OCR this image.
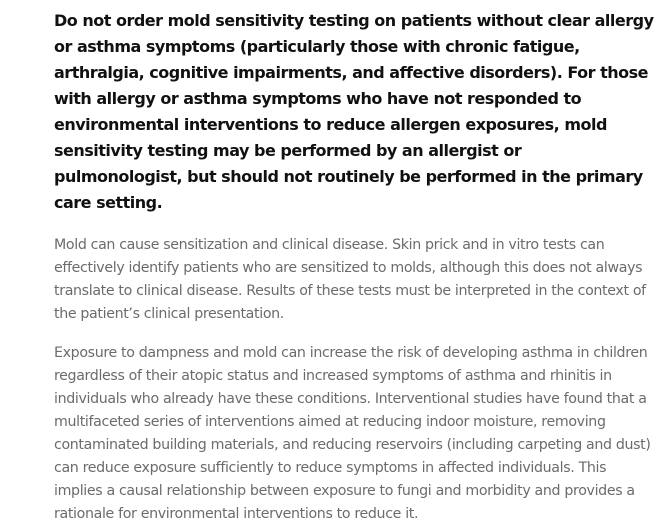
Do not order mold sensitivity testing on patients without clear allergy or asthma symptoms (particularly those with chronic fatigue, arthralgia, cognitive impairments, and affective disorders). For those with allergy or asthma symptoms who have not responded to environmental interventions to reduce allergen exposures, mold sensitivity testing may be performed by an allergist or pulmonologist, but should not routinely be performed in the primary care setting.

Mold can cause sensitization and clinical disease. Skin prick and in vitro tests can effectively identify patients who are sensitized to molds, although this does not always translate to clinical disease. Results of these tests must be interpreted in the context of the patient’s clinical presentation.

Exposure to dampness and mold can increase the risk of developing asthma in children regardless of their atopic status and increased symptoms of asthma and rhinitis in individuals who already have these conditions. Interventional studies have found that a multifaceted series of interventions aimed at reducing indoor moisture, removing contaminated building materials, and reducing reservoirs (including carpeting and dust) can reduce exposure sufficiently to reduce symptoms in affected individuals. This implies a causal relationship between exposure to fungi and morbidity and provides a rationale for environmental interventions to reduce it.
